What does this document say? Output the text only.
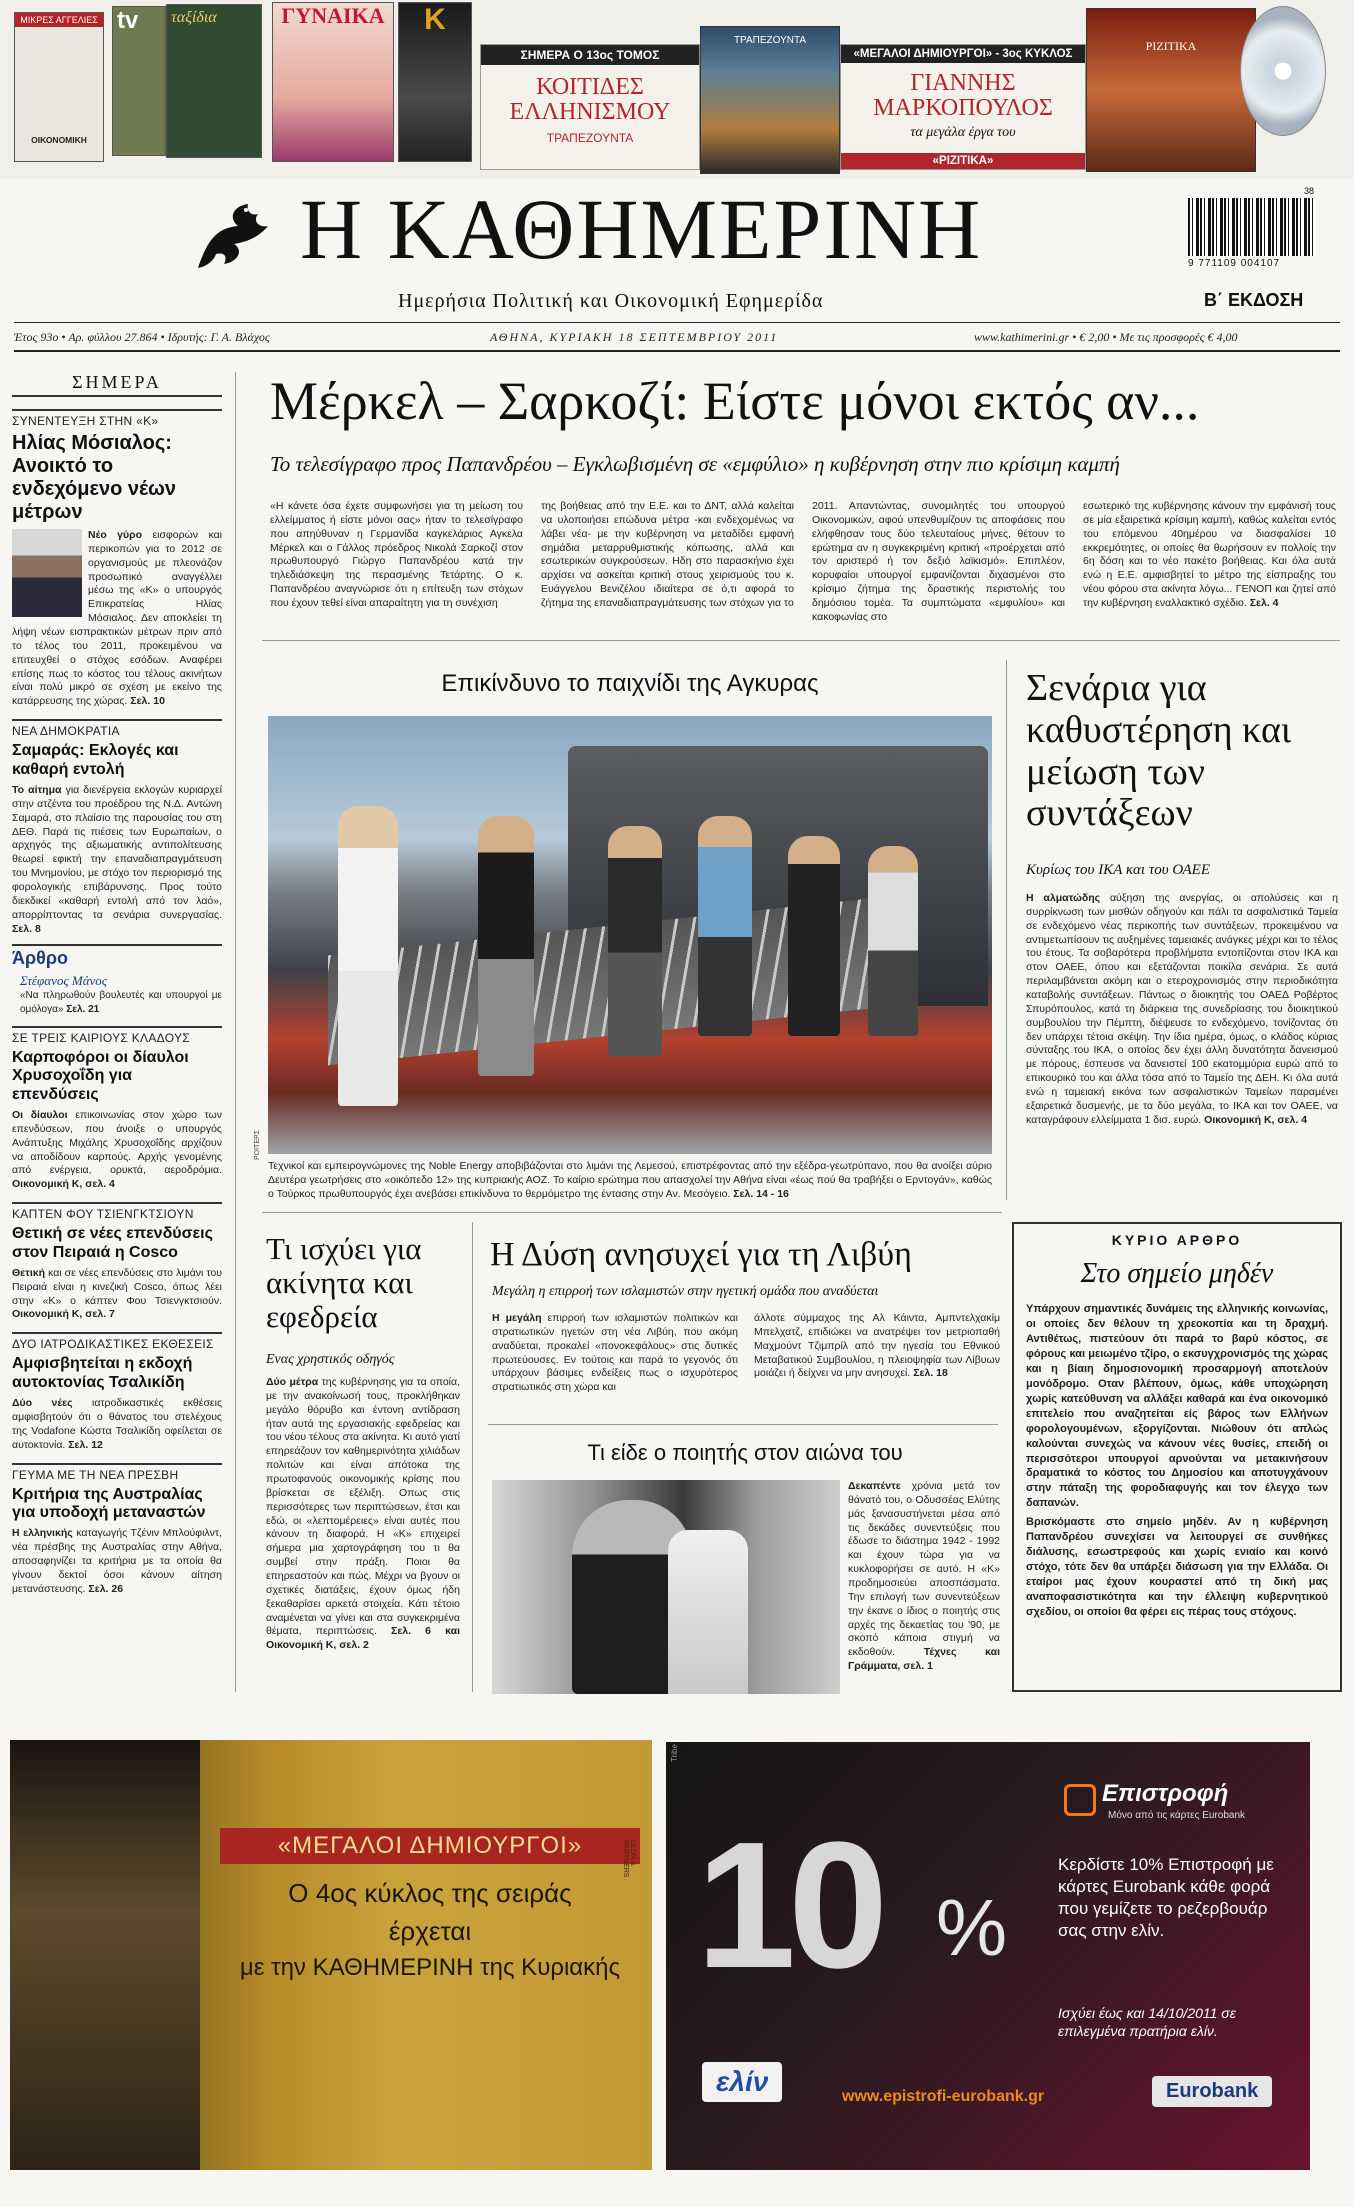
ΜΙΚΡΕΣ ΑΓΓΕΛΙΕΣ
ΟΙΚΟΝΟΜΙΚΗ
tv	ταξίδια	ΓΥΝΑΙΚΑ	K
ΣΗΜΕΡΑ Ο 13ος ΤΟΜΟΣ
ΚΟΙΤΙΔΕΣ ΕΛΛΗΝΙΣΜΟΥ
ΤΡΑΠΕΖΟΥΝΤΑ
ΤΡΑΠΕΖΟΥΝΤΑ
«ΜΕΓΑΛΟΙ ΔΗΜΙΟΥΡΓΟΙ» - 3ος ΚΥΚΛΟΣ
ΓΙΑΝΝΗΣ ΜΑΡΚΟΠΟΥΛΟΣ
τα μεγάλα έργα του
«ΡΙΖΙΤΙΚΑ»
ΡΙΖΙΤΙΚΑ
Η ΚΑΘΗΜΕΡΙΝΗ
Ημερήσια Πολιτική και Οικονομική Εφημερίδα
9 771109 004107
38
Β΄ ΕΚΔΟΣΗ
Έτος 93ο • Αρ. φύλλου 27.864 • Ιδρυτής: Γ. Α. Βλάχος	ΑΘΗΝΑ, ΚΥΡΙΑΚΗ 18 ΣΕΠΤΕΜΒΡΙΟΥ 2011	www.kathimerini.gr • € 2,00 • Με τις προσφορές € 4,00
ΣΗΜΕΡΑ
ΣΥΝΕΝΤΕΥΞΗ ΣΤΗΝ «Κ»
Ηλίας Μόσιαλος: Ανοικτό το ενδεχόμενο νέων μέτρων
Νέο γύρο εισφορών και περικοπών για το 2012 σε οργανισμούς με πλεονάζον προσωπικό αναγγέλλει μέσω της «Κ» ο υπουργός Επικρατείας Ηλίας Μόσιαλος. Δεν αποκλείει τη λήψη νέων εισπρακτικών μέτρων πριν από το τέλος του 2011, προκειμένου να επιτευχθεί ο στόχος εσόδων. Αναφέρει επίσης πως το κόστος του τέλους ακινήτων είναι πολύ μικρό σε σχέση με εκείνο της κατάρρευσης της χώρας. Σελ. 10
ΝΕΑ ΔΗΜΟΚΡΑΤΙΑ
Σαμαράς: Εκλογές και καθαρή εντολή
Το αίτημα για διενέργεια εκλογών κυριαρχεί στην ατζέντα του προέδρου της Ν.Δ. Αντώνη Σαμαρά, στο πλαίσιο της παρουσίας του στη ΔΕΘ. Παρά τις πιέσεις των Ευρωπαίων, ο αρχηγός της αξιωματικής αντιπολίτευσης θεωρεί εφικτή την επαναδιαπραγμάτευση του Μνημονίου, με στόχο τον περιορισμό της φορολογικής επιβάρυνσης. Προς τούτο διεκδικεί «καθαρή εντολή από τον λαό», απορρίπτοντας τα σενάρια συνεργασίας. Σελ. 8
Άρθρο
Στέφανος Μάνος
«Να πληρωθούν βουλευτές και υπουργοί με ομόλογα» Σελ. 21
ΣΕ ΤΡΕΙΣ ΚΑΙΡΙΟΥΣ ΚΛΑΔΟΥΣ
Καρποφόροι οι δίαυλοι Χρυσοχοΐδη για επενδύσεις
Οι δίαυλοι επικοινωνίας στον χώρο των επενδύσεων, που άνοιξε ο υπουργός Ανάπτυξης Μιχάλης Χρυσοχοΐδης αρχίζουν να αποδίδουν καρπούς. Αρχής γενομένης από ενέργεια, ορυκτά, αεροδρόμια. Οικονομική Κ, σελ. 4
ΚΑΠΤΕΝ ΦΟΥ ΤΣΙΕΝΓΚΤΣΙΟΥΝ
Θετική σε νέες επενδύσεις στον Πειραιά η Cosco
Θετική και σε νέες επενδύσεις στο λιμάνι του Πειραιά είναι η κινεζική Cosco, όπως λέει στην «Κ» ο κάπτεν Φου Τσιενγκτσιούν. Οικονομική Κ, σελ. 7
ΔΥΟ ΙΑΤΡΟΔΙΚΑΣΤΙΚΕΣ ΕΚΘΕΣΕΙΣ
Αμφισβητείται η εκδοχή αυτοκτονίας Τσαλικίδη
Δύο νέες ιατροδικαστικές εκθέσεις αμφισβητούν ότι ο θάνατος του στελέχους της Vodafone Κώστα Τσαλικίδη οφείλεται σε αυτοκτονία. Σελ. 12
ΓΕΥΜΑ ΜΕ ΤΗ ΝΕΑ ΠΡΕΣΒΗ
Κριτήρια της Αυστραλίας για υποδοχή μεταναστών
Η ελληνικής καταγωγής Τζένιν Μπλούφιλντ, νέα πρέσβης της Αυστραλίας στην Αθήνα, αποσαφηνίζει τα κριτήρια με τα οποία θα γίνουν δεκτοί όσοι κάνουν αίτηση μετανάστευσης. Σελ. 26
Μέρκελ – Σαρκοζί: Είστε μόνοι εκτός αν...
Το τελεσίγραφο προς Παπανδρέου – Εγκλωβισμένη σε «εμφύλιο» η κυβέρνηση στην πιο κρίσιμη καμπή
«Η κάνετε όσα έχετε συμφωνήσει για τη μείωση του ελλείμματος ή είστε μόνοι σας» ήταν το τελεσίγραφο που απηύθυναν η Γερμανίδα καγκελάριος Αγκελα Μέρκελ και ο Γάλλος πρόεδρος Νικολά Σαρκοζί στον πρωθυπουργό Γιώργο Παπανδρέου κατά την τηλεδιάσκεψη της περασμένης Τετάρτης. Ο κ. Παπανδρέου αναγνώρισε ότι η επίτευξη των στόχων που έχουν τεθεί είναι απαραίτητη για τη συνέχιση
της βοήθειας από την Ε.Ε. και το ΔΝΤ, αλλά καλείται να υλοποιήσει επώδυνα μέτρα -και ενδεχομένως να λάβει νέα- με την κυβέρνηση να μεταδίδει εμφανή σημάδια μεταρρυθμιστικής κόπωσης, αλλά και εσωτερικών συγκρούσεων. Ηδη στο παρασκήνιο έχει αρχίσει να ασκείται κριτική στους χειρισμούς του κ. Ευάγγελου Βενιζέλου ιδιαίτερα σε ό,τι αφορά το ζήτημα της επαναδιαπραγμάτευσης των στόχων για το
2011. Απαντώντας, συνομιλητές του υπουργού Οικονομικών, αφού υπενθυμίζουν τις αποφάσεις που ελήφθησαν τους δύο τελευταίους μήνες, θέτουν το ερώτημα αν η συγκεκριμένη κριτική «προέρχεται από τον αριστερό ή τον δεξιό λαϊκισμό». Επιπλέον, κορυφαίοι υπουργοί εμφανίζονται διχασμένοι στο κρίσιμο ζήτημα της δραστικής περιστολής του δημόσιου τομέα. Τα συμπτώματα «εμφυλίου» και κακοφωνίας στο
εσωτερικό της κυβέρνησης κάνουν την εμφάνισή τους σε μία εξαιρετικά κρίσιμη καμπή, καθώς καλείται εντός του επόμενου 40ημέρου να διασφαλίσει 10 εκκρεμότητες, οι οποίες θα θωρήσουν εν πολλοίς την 6η δόση και το νέο πακέτο βοήθειας. Και όλα αυτά ενώ η Ε.Ε. αμφισβητεί το μέτρο της είσπραξης του νέου φόρου στα ακίνητα λόγω... ΓΕΝΟΠ και ζητεί από την κυβέρνηση εναλλακτικό σχέδιο. Σελ. 4
Επικίνδυνο το παιχνίδι της Αγκυρας
ΡΟΙΤΕΡΣ
Τεχνικοί και εμπειρογνώμονες της Noble Energy αποβιβάζονται στο λιμάνι της Λεμεσού, επιστρέφοντας από την εξέδρα-γεωτρύπανο, που θα ανοίξει αύριο Δευτέρα γεωτρήσεις στο «οικόπεδο 12» της κυπριακής ΑΟΖ. Το καίριο ερώτημα που απασχολεί την Αθήνα είναι «έως πού θα τραβήξει ο Ερντογάν», καθώς ο Τούρκος πρωθυπουργός έχει ανεβάσει επικίνδυνα το θερμόμετρο της έντασης στην Αν. Μεσόγειο. Σελ. 14 - 16
Σενάρια για καθυστέρηση και μείωση των συντάξεων
Κυρίως του ΙΚΑ και του ΟΑΕΕ
Η αλματώδης αύξηση της ανεργίας, οι απολύσεις και η συρρίκνωση των μισθών οδηγούν και πάλι τα ασφαλιστικά Ταμεία σε ενδεχόμενο νέας περικοπής των συντάξεων, προκειμένου να αντιμετωπίσουν τις αυξημένες ταμειακές ανάγκες μέχρι και το τέλος του έτους. Τα σοβαρότερα προβλήματα εντοπίζονται στον ΙΚΑ και στον ΟΑΕΕ, όπου και εξετάζονται ποικίλα σενάρια. Σε αυτά περιλαμβάνεται ακόμη και ο ετεροχρονισμός στην περιοδικότητα καταβολής συντάξεων. Πάντως ο διοικητής του ΟΑΕΔ Ροβέρτος Σπυρόπουλος, κατά τη διάρκεια της συνεδρίασης του διοικητικού συμβουλίου την Πέμπτη, διέψευσε το ενδεχόμενο, τονίζοντας ότι δεν υπάρχει τέτοια σκέψη. Την ίδια ημέρα, όμως, ο κλάδος κύριας σύνταξης του ΙΚΑ, ο οποίος δεν έχει άλλη δυνατότητα δανεισμού με πόρους, έσπευσε να δανειστεί 100 εκατομμύρια ευρώ από το επικουρικό του και άλλα τόσα από το Ταμείο της ΔΕΗ. Κι όλα αυτά ενώ η ταμειακή εικόνα των ασφαλιστικών Ταμείων παραμένει εξαιρετικά δυσμενής, με τα δύο μεγάλα, το ΙΚΑ και τον ΟΑΕΕ, να καταγράφουν ελλείμματα 1 δισ. ευρώ. Οικονομική Κ, σελ. 4
Τι ισχύει για ακίνητα και εφεδρεία
Ενας χρηστικός οδηγός
Δύο μέτρα της κυβέρνησης για τα οποία, με την ανακοίνωσή τους, προκλήθηκαν μεγάλο θόρυβο και έντονη αντίδραση ήταν αυτά της εργασιακής εφεδρείας και του νέου τέλους στα ακίνητα. Κι αυτό γιατί επηρεάζουν τον καθημερινότητα χιλιάδων πολιτών και είναι απότοκα της πρωτοφανούς οικονομικής κρίσης που βρίσκεται σε εξέλιξη. Οπως στις περισσότερες των περιπτώσεων, έτσι και εδώ, οι «λεπτομέρειες» είναι αυτές που κάνουν τη διαφορά. Η «Κ» επιχειρεί σήμερα μια χαρτογράφηση του τι θα συμβεί στην πράξη. Ποιοι θα επηρεαστούν και πώς. Μέχρι να βγουν οι σχετικές διατάξεις, έχουν όμως ήδη ξεκαθαρίσει αρκετά στοιχεία. Κάτι τέτοιο αναμένεται να γίνει και στα συγκεκριμένα θέματα, περιπτώσεις. Σελ. 6 και Οικονομική Κ, σελ. 2
Η Δύση ανησυχεί για τη Λιβύη
Μεγάλη η επιρροή των ισλαμιστών στην ηγετική ομάδα που αναδύεται
Η μεγάλη επιρροή των ισλαμιστών πολιτικών και στρατιωτικών ηγετών στη νέα Λιβύη, που ακόμη αναδύεται, προκαλεί «πονοκεφάλους» στις δυτικές πρωτεύουσες. Εν τούτοις και παρά το γεγονός ότι υπάρχουν βάσιμες ενδείξεις πως ο ισχυρότερος στρατιωτικός στη χώρα και
άλλοτε σύμμαχος της Αλ Κάιντα, Αμπντελχακίμ Μπελχατζ, επιδιώκει να ανατρέψει τον μετριοπαθή Μαχμούντ Τζιμπρίλ από την ηγεσία του Εθνικού Μεταβατικού Συμβουλίου, η πλειοψηφία των Λίβυων μοιάζει ή δείχνει να μην ανησυχεί. Σελ. 18
Τι είδε ο ποιητής στον αιώνα του
Δεκαπέντε χρόνια μετά τον θάνατό του, ο Οδυσσέας Ελύτης μάς ξανασυστήνεται μέσα από τις δεκάδες συνεντεύξεις που έδωσε το διάστημα 1942 - 1992 και έχουν τώρα για να κυκλοφορήσει σε αυτό. Η «Κ» προδημοσιεύει αποσπάσματα. Την επιλογή των συνεντεύξεων την έκανε ο ίδιος ο ποιητής στις αρχές της δεκαετίας του '90, με σκοπό κάποια στιγμή να εκδοθούν.	Τέχνες και Γράμματα, σελ. 1
ΚΥΡΙΟ ΑΡΘΡΟ
Στο σημείο μηδέν
Υπάρχουν σημαντικές δυνάμεις της ελληνικής κοινωνίας, οι οποίες δεν θέλουν τη χρεοκοπία και τη δραχμή. Αντιθέτως, πιστεύουν ότι παρά το βαρύ κόστος, σε φόρους και μειωμένο τζίρο, ο εκσυγχρονισμός της χώρας και η βίαιη δημοσιονομική προσαρμογή αποτελούν μονόδρομο. Οταν βλέπουν, όμως, κάθε υποχώρηση χωρίς κατεύθυνση να αλλάξει καθαρά και ένα οικονομικό επιτελείο που αναζητείται είς βάρος των Ελλήνων φορολογουμένων, εξοργίζονται. Νιώθουν ότι απλώς καλούνται συνεχώς να κάνουν νέες θυσίες, επειδή οι περισσότεροι υπουργοί αρνούνται να μετακινήσουν δραματικά το κόστος του Δημοσίου και αποτυγχάνουν στην πάταξη της φοροδιαφυγής και τον έλεγχο των δαπανών.
Βρισκόμαστε στο σημείο μηδέν. Αν η κυβέρνηση Παπανδρέου συνεχίσει να λειτουργεί σε συνθήκες διάλυσης, εσωστρεφούς και χωρίς ενιαίο και κοινό στόχο, τότε δεν θα υπάρξει διάσωση για την Ελλάδα. Οι εταίροι μας έχουν κουραστεί από τη δική μας αναποφασιστικότητα και την έλλειψη κυβερνητικού σχεδίου, οι οποίοι θα φέρει εις πέρας τους στόχους.
«ΜΕΓΑΛΟΙ ΔΗΜΙΟΥΡΓΟΙ»
Ο 4ος κύκλος της σειράς
έρχεται
με την ΚΑΘΗΜΕΡΙΝΗ της Κυριακής
LEON & PARTNERS
Tribe
Επιστροφή
Μόνο από τις κάρτες Eurobank
10 %
Κερδίστε 10% Επιστροφή με κάρτες Eurobank κάθε φορά που γεμίζετε το ρεζερβουάρ σας στην ελίν.
Ισχύει έως και 14/10/2011 σε επιλεγμένα πρατήρια ελίν.
ελίν	www.epistrofi-eurobank.gr	Eurobank
